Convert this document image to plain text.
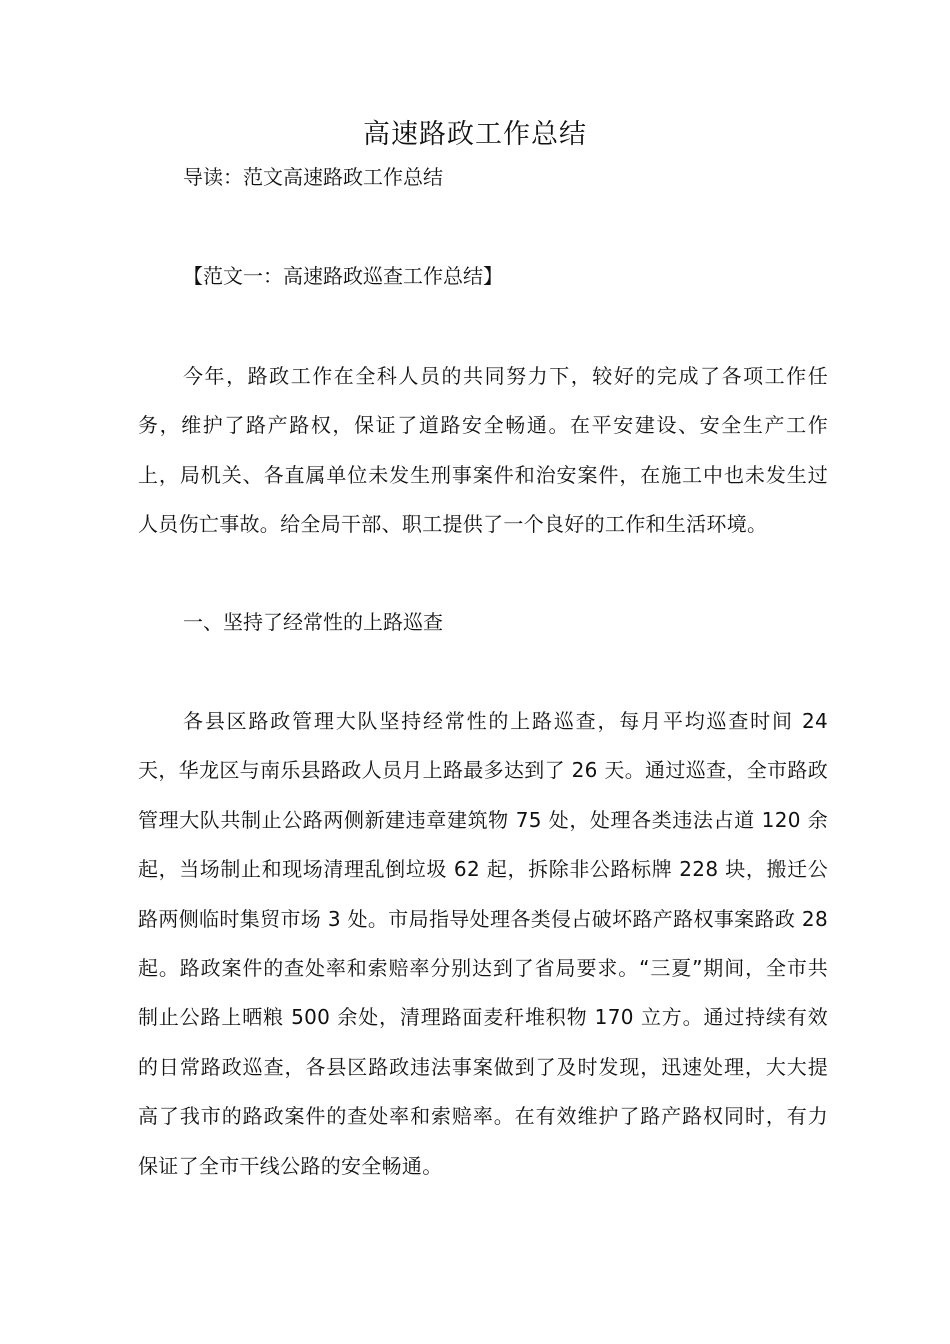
高速路政工作总结
导读：范文高速路政工作总结
【范文一：高速路政巡查工作总结】
今年，路政工作在全科人员的共同努力下，较好的完成了各项工作任务，维护了路产路权，保证了道路安全畅通。在平安建设、安全生产工作上，局机关、各直属单位未发生刑事案件和治安案件，在施工中也未发生过人员伤亡事故。给全局干部、职工提供了一个良好的工作和生活环境。
一、坚持了经常性的上路巡查
各县区路政管理大队坚持经常性的上路巡查，每月平均巡查时间 24 天，华龙区与南乐县路政人员月上路最多达到了 26 天。通过巡查，全市路政管理大队共制止公路两侧新建违章建筑物 75 处，处理各类违法占道 120 余起，当场制止和现场清理乱倒垃圾 62 起，拆除非公路标牌 228 块，搬迁公路两侧临时集贸市场 3 处。市局指导处理各类侵占破坏路产路权事案路政 28 起。路政案件的查处率和索赔率分别达到了省局要求。“三夏”期间，全市共制止公路上晒粮 500 余处，清理路面麦秆堆积物 170 立方。通过持续有效的日常路政巡查，各县区路政违法事案做到了及时发现，迅速处理，大大提高了我市的路政案件的查处率和索赔率。在有效维护了路产路权同时，有力保证了全市干线公路的安全畅通。
